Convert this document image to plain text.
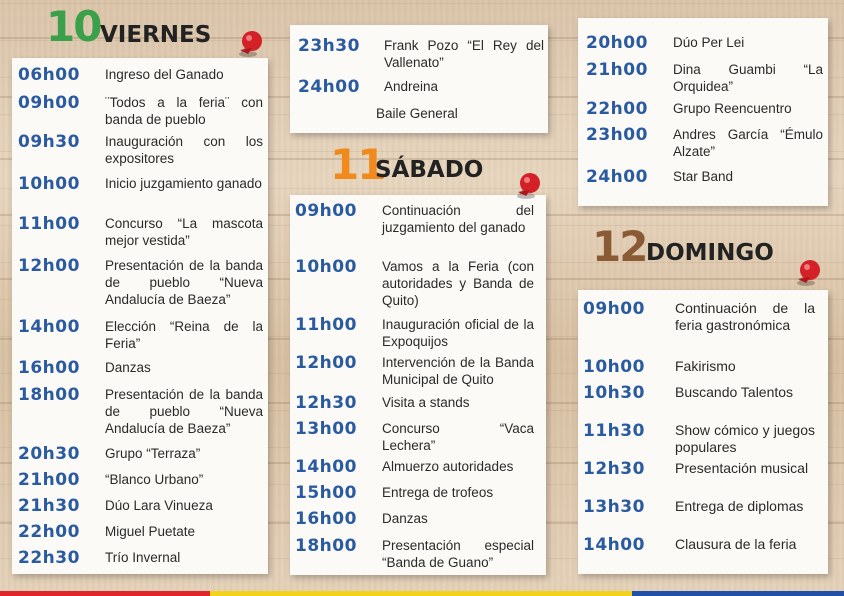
10 VIERNES
06h00 Ingreso del Ganado
09h00 ¨Todos a la feria¨ con banda de pueblo
09h30 Inauguración con los expositores
10h00 Inicio juzgamiento ganado
11h00 Concurso “La mascota mejor vestida”
12h00 Presentación de la banda de pueblo “Nueva Andalucía de Baeza”
14h00 Elección “Reina de la Feria”
16h00 Danzas
18h00 Presentación de la banda de pueblo “Nueva Andalucía de Baeza”
20h30 Grupo “Terraza”
21h00 “Blanco Urbano”
21h30 Dúo Lara Vinueza
22h00 Miguel Puetate
22h30 Trío Invernal
23h30 Frank Pozo “El Rey del Vallenato”
24h00 Andreina
Baile General
11
SÁBADO
09h00 Continuación del juzgamiento del ganado
10h00 Vamos a la Feria (con autoridades y Banda de Quito)
11h00 Inauguración oficial de la Expoquijos
12h00 Intervención de la Banda Municipal de Quito
12h30 Visita a stands
13h00 Concurso “Vaca Lechera”
14h00 Almuerzo autoridades
15h00 Entrega de trofeos
16h00 Danzas
18h00 Presentación especial “Banda de Guano”
20h00 Dúo Per Lei
21h00 Dina Guambi “La Orquidea”
22h00 Grupo Reencuentro
23h00 Andres García “Émulo Alzate”
24h00 Star Band
12 DOMINGO
09h00 Continuación de la feria gastronómica
10h00 Fakirismo
10h30 Buscando Talentos
11h30 Show cómico y juegos populares
12h30 Presentación musical
13h30 Entrega de diplomas
14h00 Clausura de la feria
